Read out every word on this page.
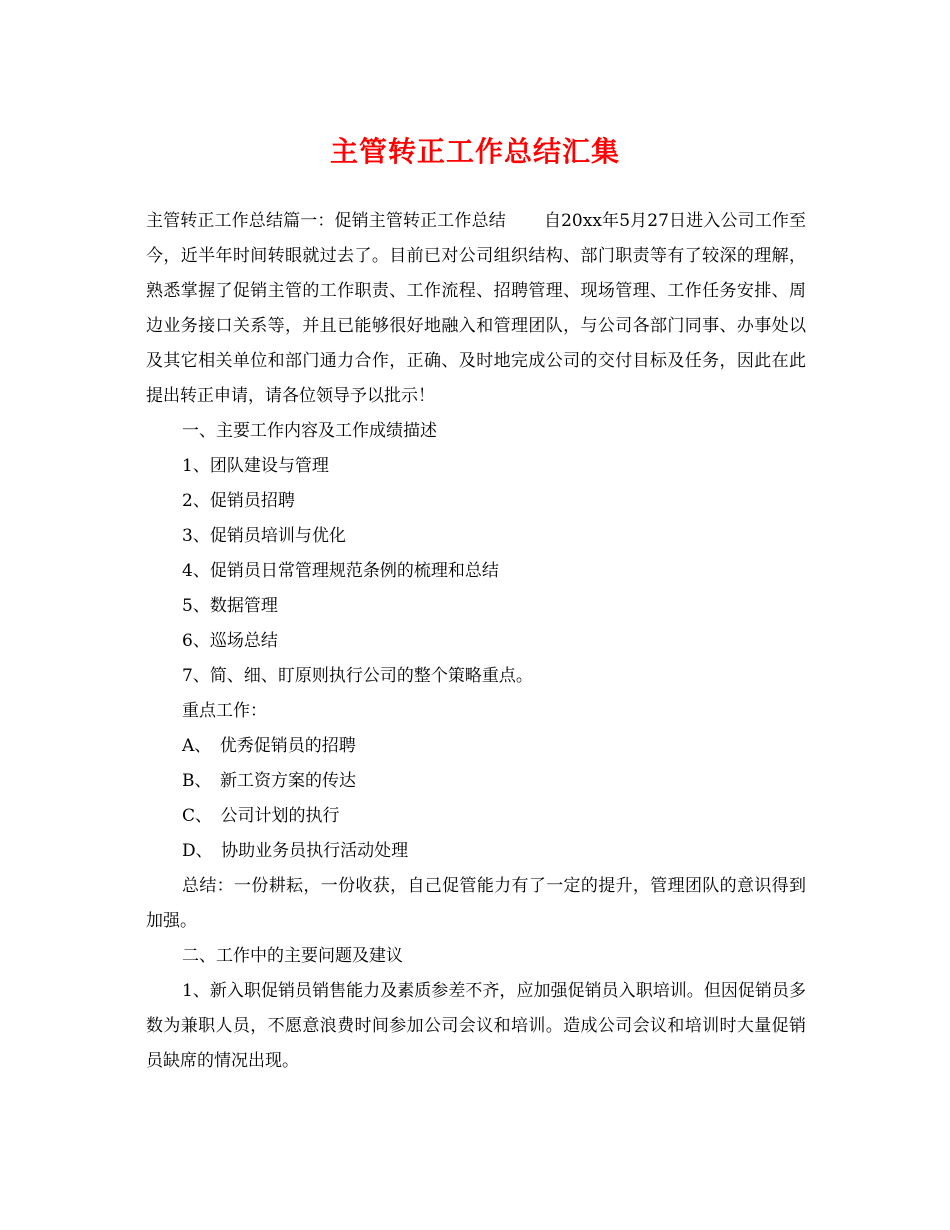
主管转正工作总结汇集

主管转正工作总结篇一：促销主管转正工作总结 自20xx年5月27日进入公司工作至今，近半年时间转眼就过去了。目前已对公司组织结构、部门职责等有了较深的理解，熟悉掌握了促销主管的工作职责、工作流程、招聘管理、现场管理、工作任务安排、周边业务接口关系等，并且已能够很好地融入和管理团队，与公司各部门同事、办事处以及其它相关单位和部门通力合作，正确、及时地完成公司的交付目标及任务，因此在此提出转正申请，请各位领导予以批示！

一、主要工作内容及工作成绩描述

1、团队建设与管理

2、促销员招聘

3、促销员培训与优化

4、促销员日常管理规范条例的梳理和总结

5、数据管理

6、巡场总结

7、简、细、盯原则执行公司的整个策略重点。

重点工作：

A、　优秀促销员的招聘

B、　新工资方案的传达

C、　公司计划的执行

D、　协助业务员执行活动处理

总结：一份耕耘，一份收获，自己促管能力有了一定的提升，管理团队的意识得到加强。

二、工作中的主要问题及建议

1、新入职促销员销售能力及素质参差不齐，应加强促销员入职培训。但因促销员多数为兼职人员，不愿意浪费时间参加公司会议和培训。造成公司会议和培训时大量促销员缺席的情况出现。
